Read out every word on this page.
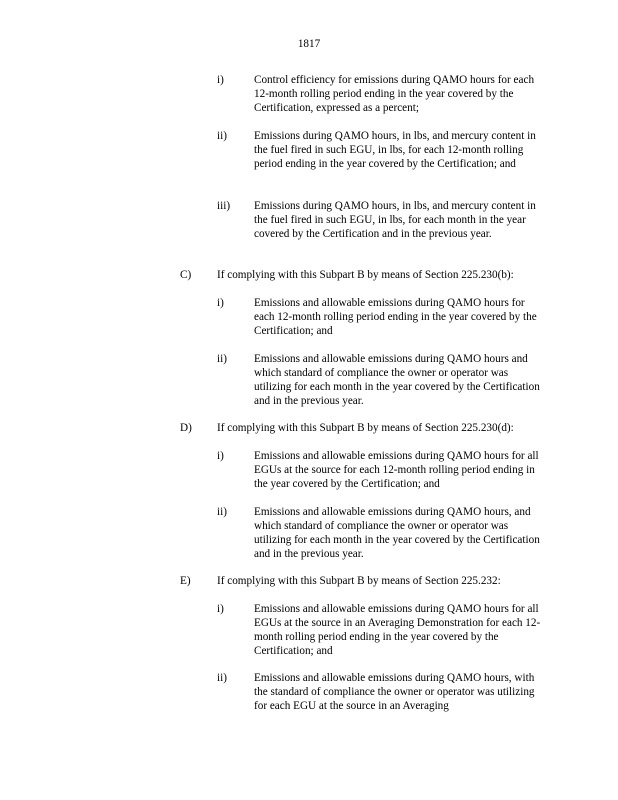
1817
i)	Control efficiency for emissions during QAMO hours for each 12-month rolling period ending in the year covered by the Certification, expressed as a percent;
ii) Emissions during QAMO hours, in lbs, and mercury content in the fuel fired in such EGU, in lbs, for each 12-month rolling period ending in the year covered by the Certification; and
iii) Emissions during QAMO hours, in lbs, and mercury content in the fuel fired in such EGU, in lbs, for each month in the year covered by the Certification and in the previous year.
C) If complying with this Subpart B by means of Section 225.230(b):
i)	Emissions and allowable emissions during QAMO hours for each 12-month rolling period ending in the year covered by the Certification; and
ii) Emissions and allowable emissions during QAMO hours and which standard of compliance the owner or operator was utilizing for each month in the year covered by the Certification and in the previous year.
D) If complying with this Subpart B by means of Section 225.230(d):
i)	Emissions and allowable emissions during QAMO hours for all EGUs at the source for each 12-month rolling period ending in the year covered by the Certification; and
ii) Emissions and allowable emissions during QAMO hours, and which standard of compliance the owner or operator was utilizing for each month in the year covered by the Certification and in the previous year.
E) If complying with this Subpart B by means of Section 225.232:
i)	Emissions and allowable emissions during QAMO hours for all EGUs at the source in an Averaging Demonstration for each 12-month rolling period ending in the year covered by the Certification; and
ii) Emissions and allowable emissions during QAMO hours, with the standard of compliance the owner or operator was utilizing for each EGU at the source in an Averaging
